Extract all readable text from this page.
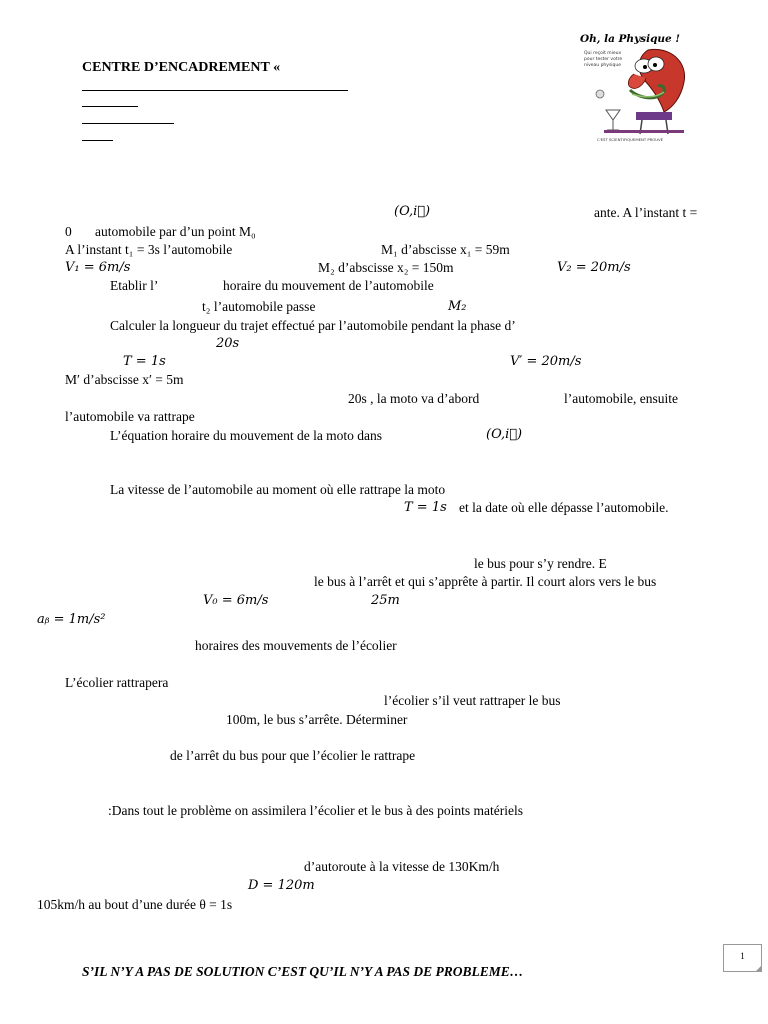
CENTRE D’ENCADREMENT «
Oh, la Physique !
Qui reçoit mieux
pour tester votre
niveau physique
C'EST SCIENTIFIQUEMENT PROUVÉ
(O,i⃗)	ante. A l’instant t =
0 automobile par d’un point M₀
A l’instant t₁ = 3s l’automobile	M₁ d’abscisse x₁ = 59m
V₁ = 6m/s	M₂ d’abscisse x₂ = 150m	V₂ = 20m/s
Etablir l’	horaire du mouvement de l’automobile
t₂ l’automobile passe	M₂
Calculer la longueur du trajet effectué par l’automobile pendant la phase d’
20s
T = 1s	V′ = 20m/s
M′ d’abscisse x′ = 5m
20s , la moto va d’abord	l’automobile, ensuite
l’automobile va rattrape
L’équation horaire du mouvement de la moto dans	(O,i⃗)
La vitesse de l’automobile au moment où elle rattrape la moto
T = 1s et la date où elle dépasse l’automobile.
le bus pour s’y rendre. E
le bus à l’arrêt et qui s’apprête à partir. Il court alors vers le bus
V₀ = 6m/s	25m
aᵦ = 1m/s²
horaires des mouvements de l’écolier
L’écolier rattrapera
l’écolier s’il veut rattraper le bus
100m, le bus s’arrête. Déterminer
de l’arrêt du bus pour que l’écolier le rattrape
:Dans tout le problème on assimilera l’écolier et le bus à des points matériels
d’autoroute à la vitesse de 130Km/h
D = 120m
105km/h au bout d’une durée θ = 1s
1
S’IL N’Y A PAS DE SOLUTION C’EST QU’IL N’Y A PAS DE PROBLEME…
